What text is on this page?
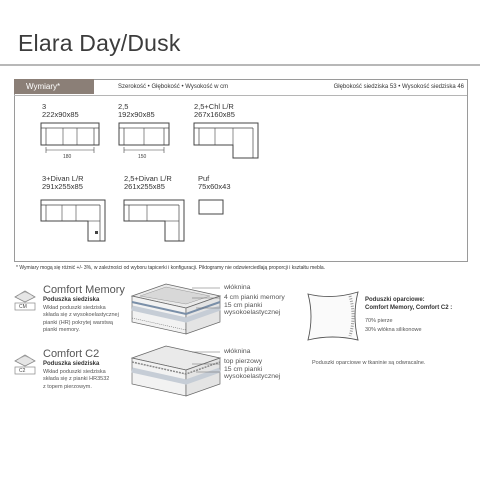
Elara Day/Dusk
Wymiary*	Szerokość • Głębokość • Wysokość w cm	Głębokość siedziska 53 • Wysokość siedziska 46
3
222x90x85
180
2,5
192x90x85
150
2,5+Chl L/R
267x160x85
3+Divan L/R
291x255x85
2,5+Divan L/R
261x255x85
Puf
75x60x43
* Wymiary mogą się różnić +/- 3%, w zależności od wyboru tapicerki i konfiguracji. Piktogramy nie odzwierciedlają proporcji i kształtu mebla.
CM
Comfort Memory
Poduszka siedziska
Wkład poduszki siedziska
składa się z wysokoelastycznej
pianki (HR) pokrytej warstwą
pianki memory.
włóknina
4 cm pianki memory
15 cm pianki
wysokoelastycznej
C2
Comfort C2
Poduszka siedziska
Wkład poduszki siedziska
składa się z pianki HR3532
z topem pierzowym.
włóknina
top pierzowy
15 cm pianki
wysokoelastycznej
Poduszki oparciowe:
Comfort Memory, Comfort C2 :
70% pierze
30% włókna silikonowe
Poduszki oparciowe w tkaninie są odwracalne.
